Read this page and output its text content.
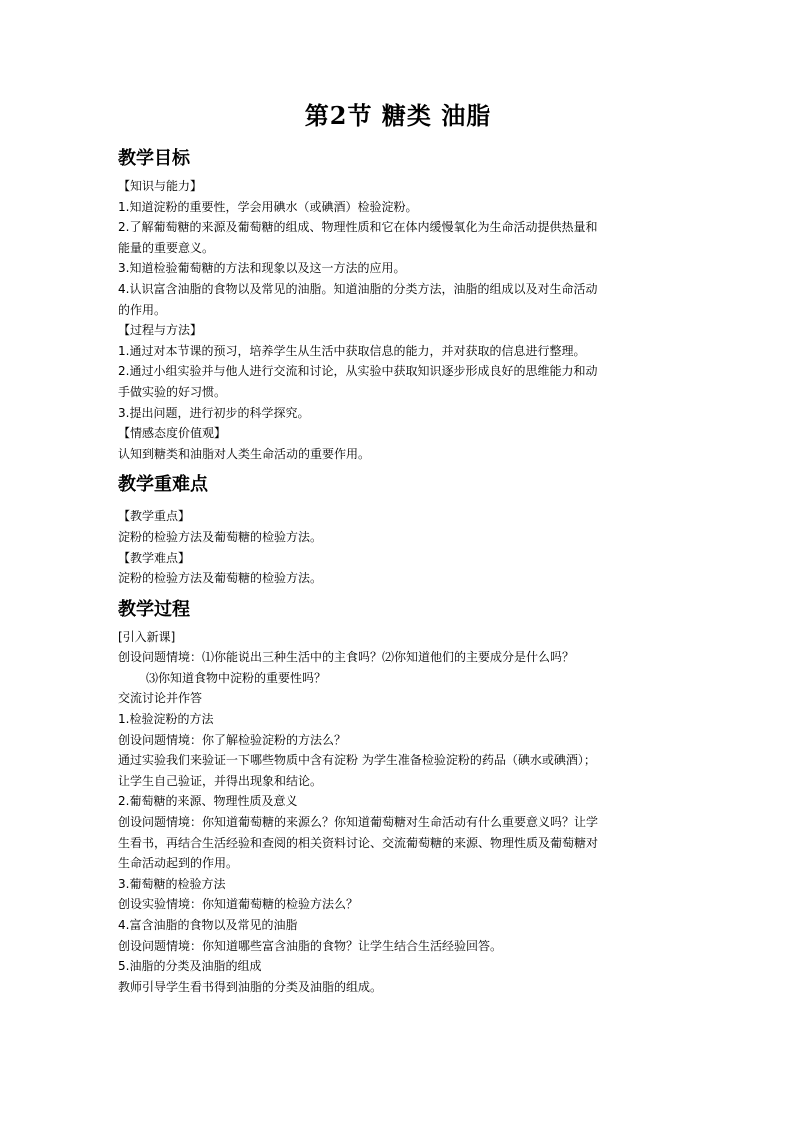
第2节 糖类 油脂
教学目标
【知识与能力】
1.知道淀粉的重要性，学会用碘水（或碘酒）检验淀粉。
2.了解葡萄糖的来源及葡萄糖的组成、物理性质和它在体内缓慢氧化为生命活动提供热量和
能量的重要意义。
3.知道检验葡萄糖的方法和现象以及这一方法的应用。
4.认识富含油脂的食物以及常见的油脂。知道油脂的分类方法，油脂的组成以及对生命活动
的作用。
【过程与方法】
1.通过对本节课的预习，培养学生从生活中获取信息的能力，并对获取的信息进行整理。
2.通过小组实验并与他人进行交流和讨论，从实验中获取知识逐步形成良好的思维能力和动
手做实验的好习惯。
3.提出问题，进行初步的科学探究。
【情感态度价值观】
认知到糖类和油脂对人类生命活动的重要作用。
教学重难点
【教学重点】
淀粉的检验方法及葡萄糖的检验方法。
【教学难点】
淀粉的检验方法及葡萄糖的检验方法。
教学过程
[引入新课]
创设问题情境：⑴你能说出三种生活中的主食吗？⑵你知道他们的主要成分是什么吗？
⑶你知道食物中淀粉的重要性吗？
交流讨论并作答
1.检验淀粉的方法
创设问题情境：你了解检验淀粉的方法么？
通过实验我们来验证一下哪些物质中含有淀粉 为学生准备检验淀粉的药品（碘水或碘酒）；
让学生自己验证，并得出现象和结论。
2.葡萄糖的来源、物理性质及意义
创设问题情境：你知道葡萄糖的来源么？你知道葡萄糖对生命活动有什么重要意义吗？让学
生看书，再结合生活经验和查阅的相关资料讨论、交流葡萄糖的来源、物理性质及葡萄糖对
生命活动起到的作用。
3.葡萄糖的检验方法
创设实验情境：你知道葡萄糖的检验方法么？
4.富含油脂的食物以及常见的油脂
创设问题情境：你知道哪些富含油脂的食物？让学生结合生活经验回答。
5.油脂的分类及油脂的组成
教师引导学生看书得到油脂的分类及油脂的组成。
